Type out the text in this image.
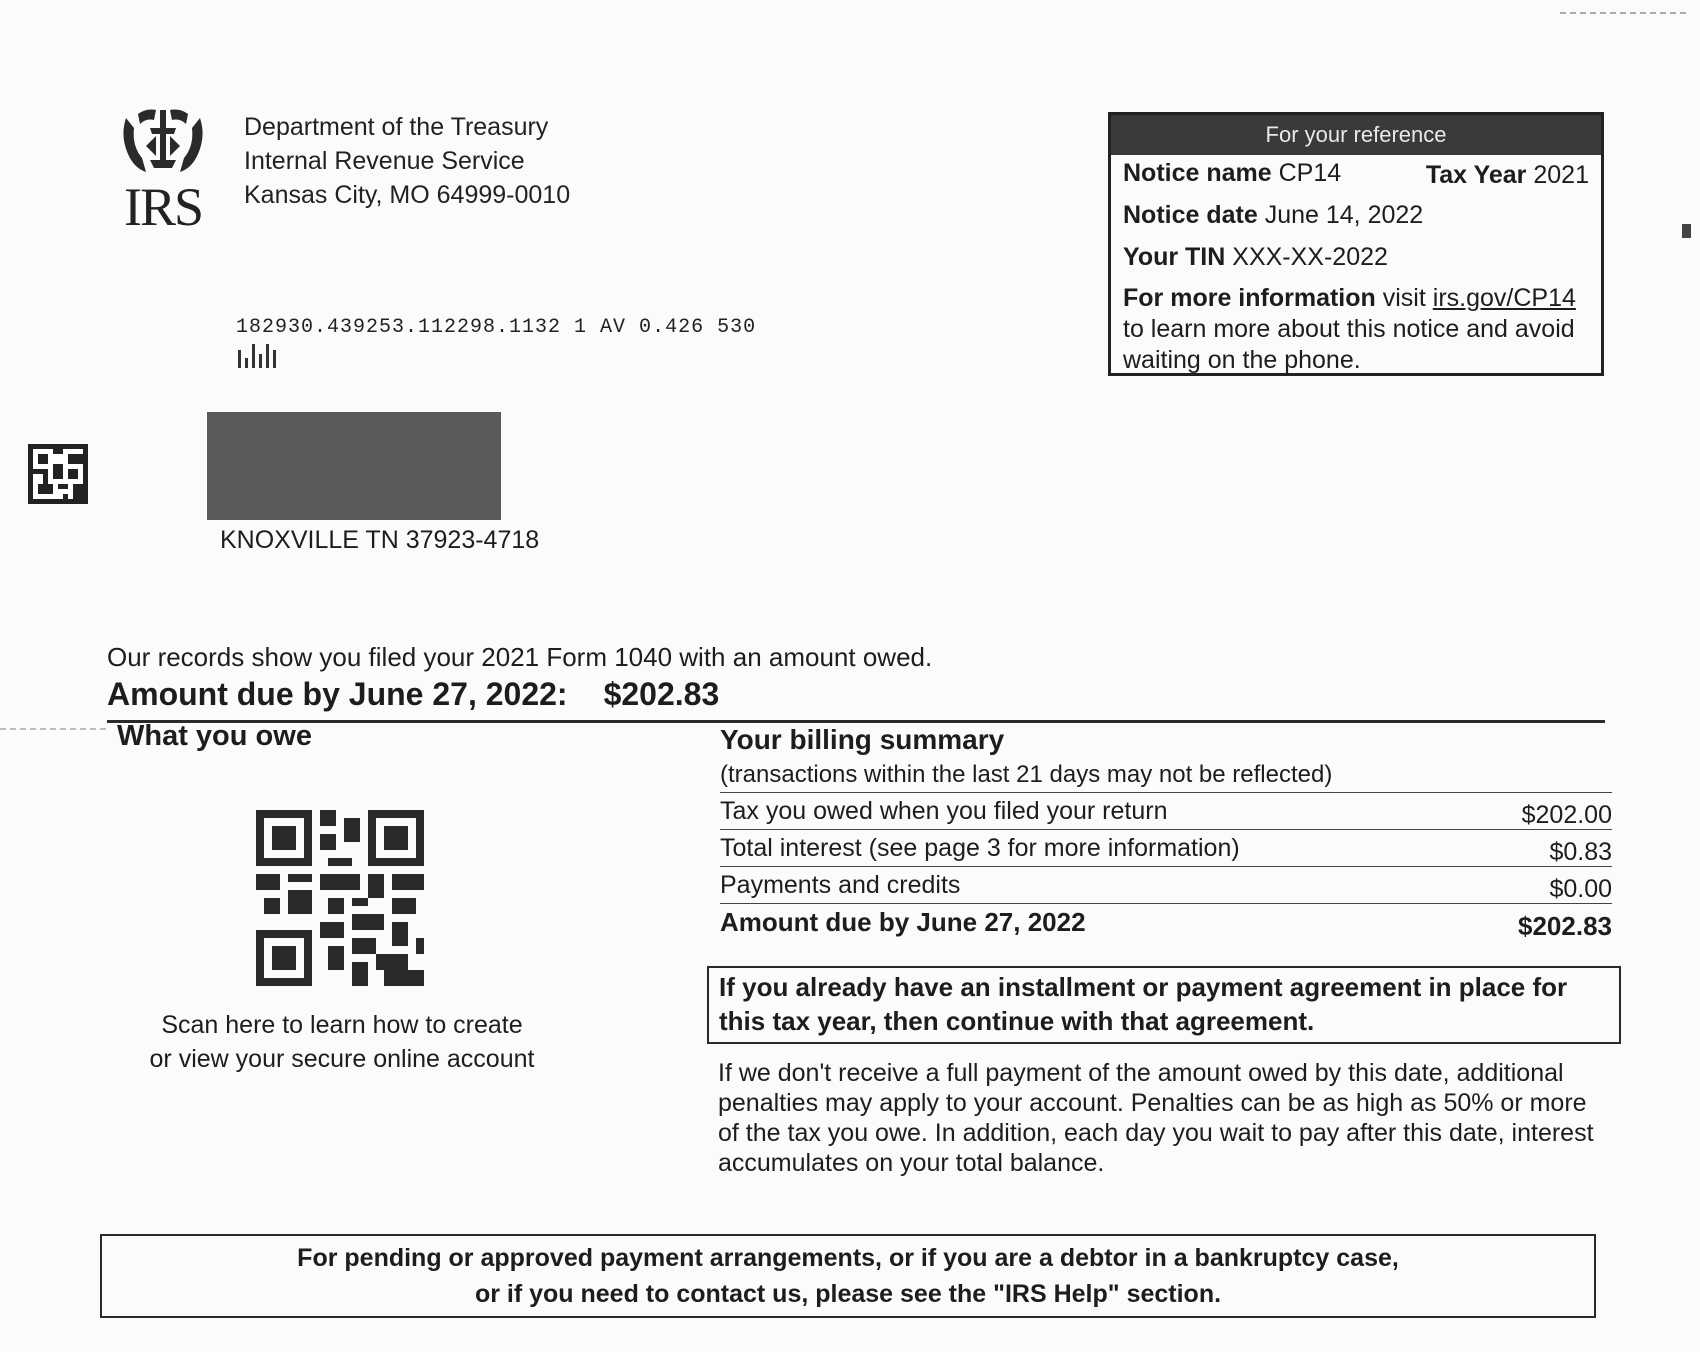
IRS
Department of the Treasury
Internal Revenue Service
Kansas City, MO 64999-0010
For your reference
Notice name CP14	Tax Year 2021
Notice date June 14, 2022
Your TIN XXX-XX-2022
For more information visit irs.gov/CP14 to learn more about this notice and avoid waiting on the phone.
182930.439253.112298.1132 1 AV 0.426 530
KNOXVILLE TN 37923-4718
Our records show you filed your 2021 Form 1040 with an amount owed.
Amount due by June 27, 2022: $202.83
What you owe
Scan here to learn how to create
or view your secure online account
Your billing summary
(transactions within the last 21 days may not be reflected)
Tax you owed when you filed your return	$202.00
Total interest (see page 3 for more information)	$0.83
Payments and credits	$0.00
Amount due by June 27, 2022	$202.83
If you already have an installment or payment agreement in place for this tax year, then continue with that agreement.
If we don't receive a full payment of the amount owed by this date, additional penalties may apply to your account. Penalties can be as high as 50% or more of the tax you owe. In addition, each day you wait to pay after this date, interest accumulates on your total balance.
For pending or approved payment arrangements, or if you are a debtor in a bankruptcy case,
or if you need to contact us, please see the "IRS Help" section.
